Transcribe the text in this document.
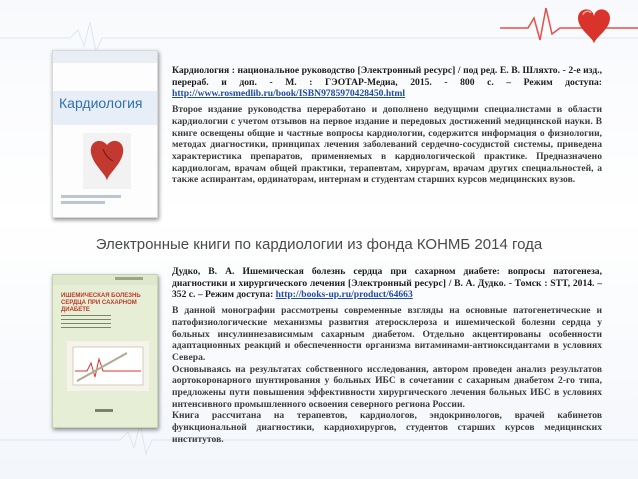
Кардиология
Кардиология : национальное руководство [Электронный ресурс] / под ред. Е. В. Шляхто. - 2-е изд., перераб. и доп. - М. : ГЭОТАР-Медиа, 2015. - 800 с. – Режим доступа: http://www.rosmedlib.ru/book/ISBN9785970428450.html
Второе издание руководства переработано и дополнено ведущими специалистами в области кардиологии с учетом отзывов на первое издание и передовых достижений медицинской науки. В книге освещены общие и частные вопросы кардиологии, содержится информация о физиологии, методах диагностики, принципах лечения заболеваний сердечно-сосудистой системы, приведена характеристика препаратов, применяемых в кардиологической практике. Предназначено кардиологам, врачам общей практики, терапевтам, хирургам, врачам других специальностей, а также аспирантам, ординаторам, интернам и студентам старших курсов медицинских вузов.
Электронные книги по кардиологии из фонда КОНМБ 2014 года
ИШЕМИЧЕСКАЯ БОЛЕЗНЬ СЕРДЦА ПРИ САХАРНОМ ДИАБЕТЕ
Дудко, В. А. Ишемическая болезнь сердца при сахарном диабете: вопросы патогенеза, диагностики и хирургического лечения [Электронный ресурс] / В. А. Дудко. - Томск : STT, 2014. – 352 с. – Режим доступа: http://books-up.ru/product/64663
В данной монографии рассмотрены современные взгляды на основные патогенетические и патофизиологические механизмы развития атеросклероза и ишемической болезни сердца у больных инсулиннезависимым сахарным диабетом. Отдельно акцентированы особенности адаптационных реакций и обеспеченности организма витаминами-антиоксидантами в условиях Севера.
Основываясь на результатах собственного исследования, автором проведен анализ результатов аортокоронарного шунтирования у больных ИБС в сочетании с сахарным диабетом 2-го типа, предложены пути повышения эффективности хирургического лечения больных ИБС в условиях интенсивного промышленного освоения северного региона России.
Книга рассчитана на терапевтов, кардиологов, эндокринологов, врачей кабинетов функциональной диагностики, кардиохирургов, студентов старших курсов медицинских институтов.
